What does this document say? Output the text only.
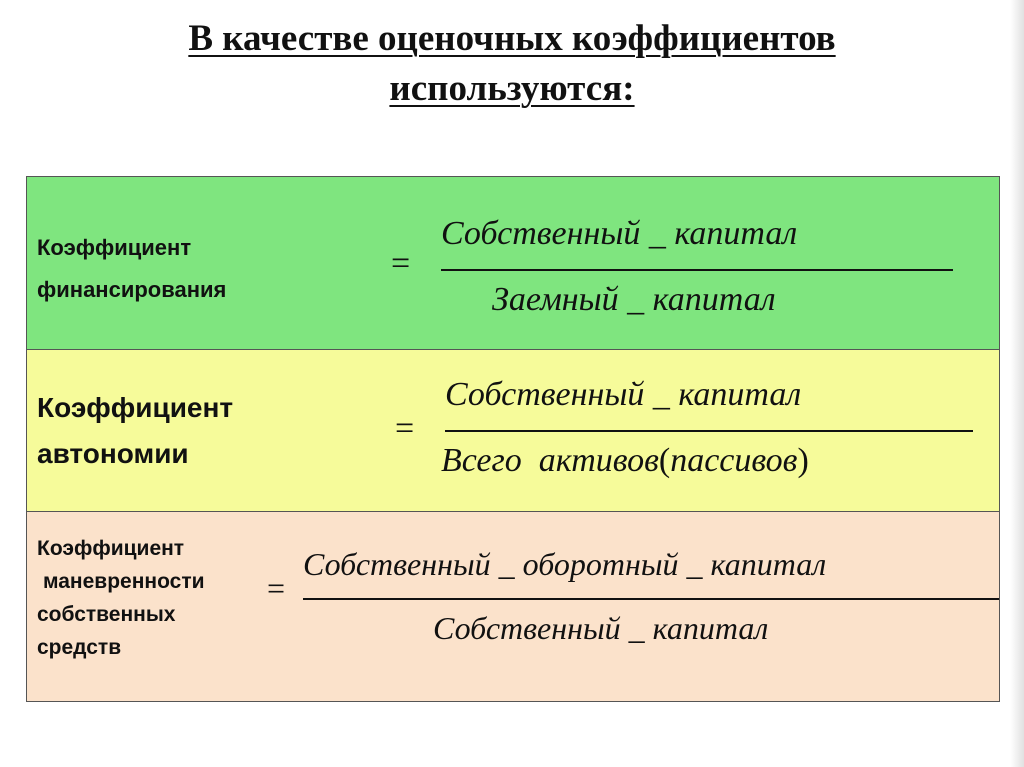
В качестве оценочных коэффициентов
используются:
Коэффициент
финансирования
=
Собственный _ капитал
Заемный _ капитал
Коэффициент
автономии
=
Собственный _ капитал
Всего  активов(пассивов)
Коэффициент
маневренности
собственных
средств
=
Собственный _ оборотный _ капитал
Собственный _ капитал
